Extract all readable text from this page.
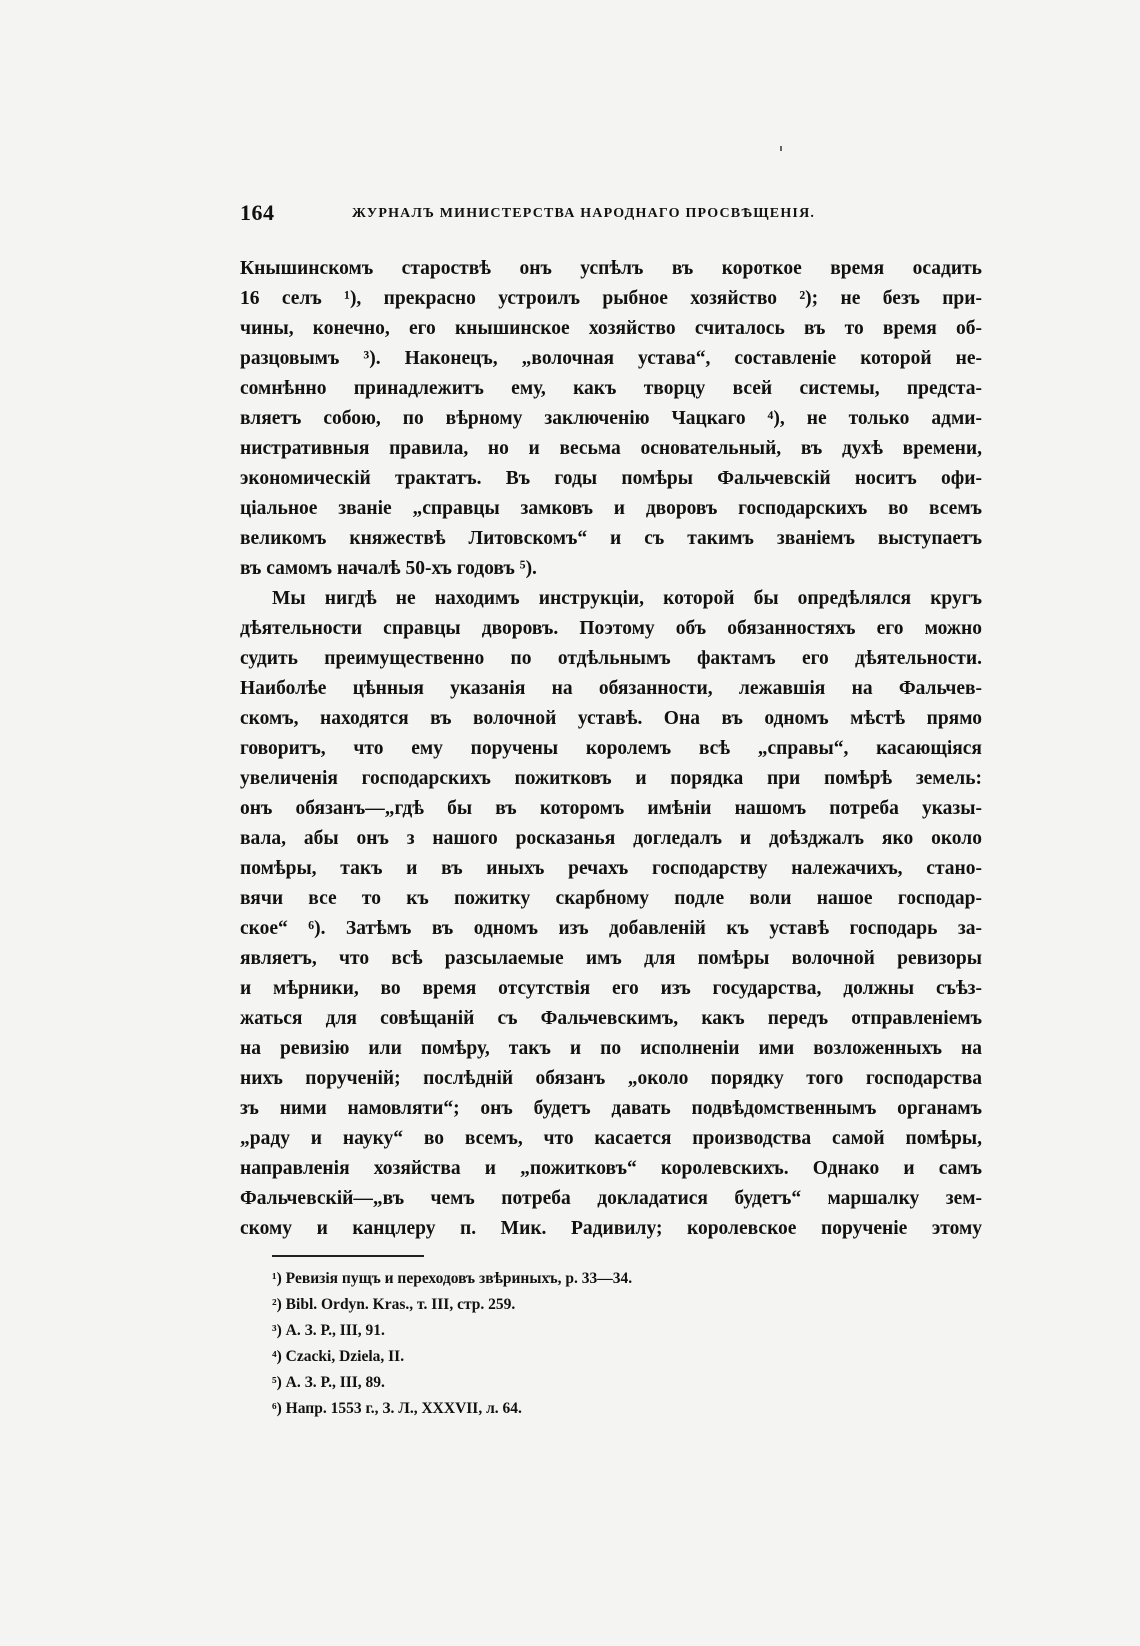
164	ЖУРНАЛЪ МИНИСТЕРСТВА НАРОДНАГО ПРОСВѢЩЕНІЯ.
Кнышинскомъ староствѣ онъ успѣлъ въ короткое время осадить
16 селъ ¹), прекрасно устроилъ рыбное хозяйство ²); не безъ при-
чины, конечно, его кнышинское хозяйство считалось въ то время об-
разцовымъ ³). Наконецъ, „волочная устава“, составленіе которой не-
сомнѣнно принадлежитъ ему, какъ творцу всей системы, предста-
вляетъ собою, по вѣрному заключенію Чацкаго ⁴), не только адми-
нистративныя правила, но и весьма основательный, въ духѣ времени,
экономическій трактатъ. Въ годы помѣры Фальчевскій носитъ офи-
ціальное званіе „справцы замковъ и дворовъ господарскихъ во всемъ
великомъ княжествѣ Литовскомъ“ и съ такимъ званіемъ выступаетъ
въ самомъ началѣ 50-хъ годовъ ⁵).
Мы нигдѣ не находимъ инструкціи, которой бы опредѣлялся кругъ
дѣятельности справцы дворовъ. Поэтому объ обязанностяхъ его можно
судить преимущественно по отдѣльнымъ фактамъ его дѣятельности.
Наиболѣе цѣнныя указанія на обязанности, лежавшія на Фальчев-
скомъ, находятся въ волочной уставѣ. Она въ одномъ мѣстѣ прямо
говоритъ, что ему поручены королемъ всѣ „справы“, касающіяся
увеличенія господарскихъ пожитковъ и порядка при помѣрѣ земель:
онъ обязанъ—„гдѣ бы въ которомъ имѣніи нашомъ потреба указы-
вала, абы онъ з нашого росказанья догледалъ и доѣзджалъ яко около
помѣры, такъ и въ иныхъ речахъ господарству належачихъ, стано-
вячи все то къ пожитку скарбному подле воли нашое господар-
ское“ ⁶). Затѣмъ въ одномъ изъ добавленій къ уставѣ господарь за-
являетъ, что всѣ разсылаемые имъ для помѣры волочной ревизоры
и мѣрники, во время отсутствія его изъ государства, должны съѣз-
жаться для совѣщаній съ Фальчевскимъ, какъ передъ отправленіемъ
на ревизію или помѣру, такъ и по исполненіи ими возложенныхъ на
нихъ порученій; послѣдній обязанъ „около порядку того господарства
зъ ними намовляти“; онъ будетъ давать подвѣдомственнымъ органамъ
„раду и науку“ во всемъ, что касается производства самой помѣры,
направленія хозяйства и „пожитковъ“ королевскихъ. Однако и самъ
Фальчевскій—„въ чемъ потреба докладатися будетъ“ маршалку зем-
скому и канцлеру п. Мик. Радивилу; королевское порученіе этому
¹) Ревизія пущъ и переходовъ звѣриныхъ, р. 33—34.
²) Bibl. Ordyn. Kras., т. III, стр. 259.
³) А. З. Р., III, 91.
⁴) Czacki, Dziela, II.
⁵) А. З. Р., III, 89.
⁶) Напр. 1553 г., З. Л., XXXVII, л. 64.
